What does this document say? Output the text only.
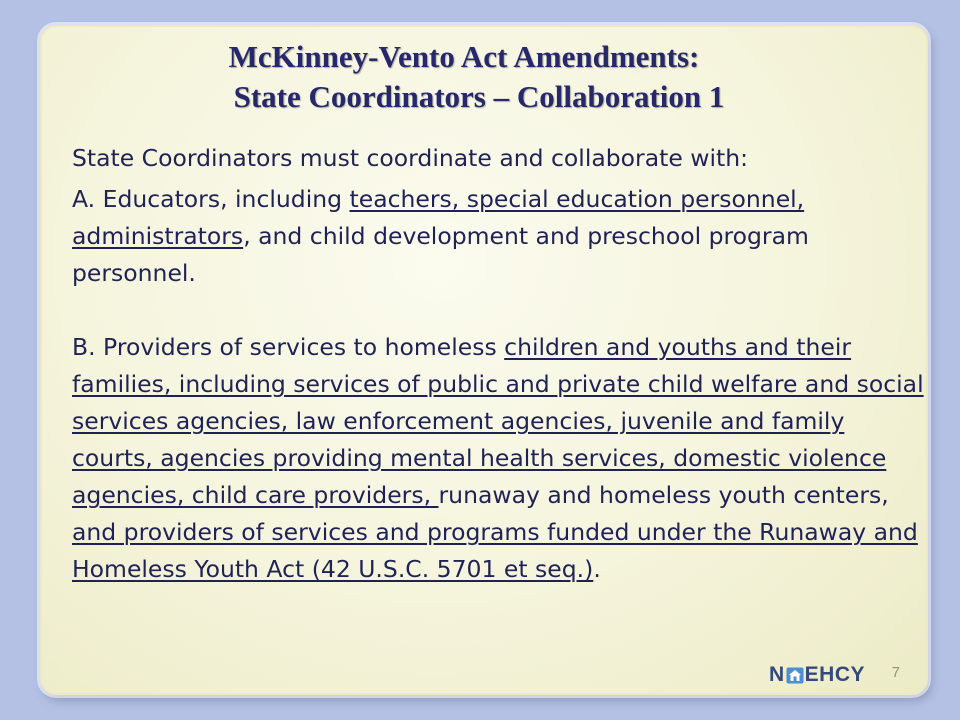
McKinney-Vento Act Amendments:
State Coordinators – Collaboration 1

State Coordinators must coordinate and collaborate with:

A. Educators, including teachers, special education personnel, administrators, and child development and preschool program personnel.

B. Providers of services to homeless children and youths and their families, including services of public and private child welfare and social services agencies, law enforcement agencies, juvenile and family courts, agencies providing mental health services, domestic violence agencies, child care providers, runaway and homeless youth centers, and providers of services and programs funded under the Runaway and Homeless Youth Act (42 U.S.C. 5701 et seq.).

N EHCY 7
